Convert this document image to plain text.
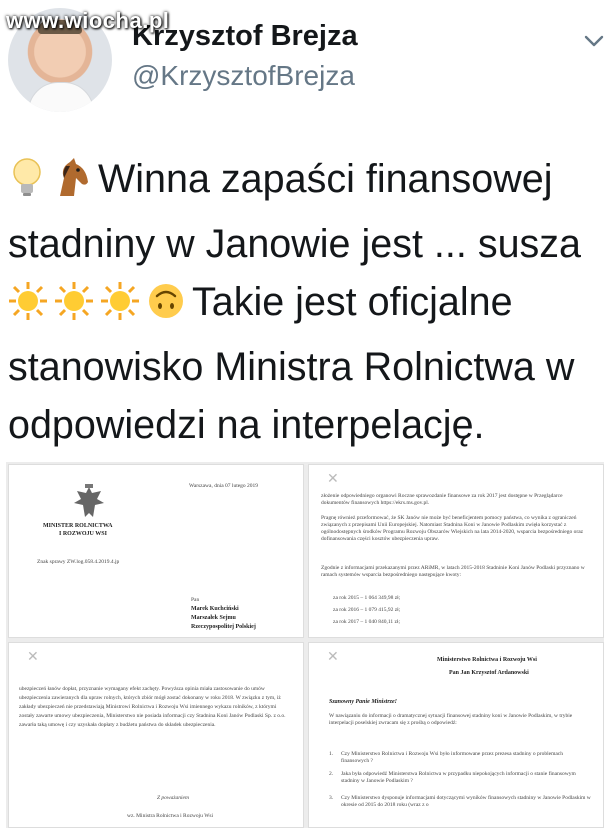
www.wiocha.pl
Krzysztof Brejza
@KrzysztofBrejza
Winna zapaści finansowej
stadniny w Janowie jest ... susza
Takie jest oficjalne
stanowisko Ministra Rolnictwa w
odpowiedzi na interpelację.
Warszawa, dnia 07 lutego 2019
MINISTER ROLNICTWA
I ROZWOJU WSI
Znak sprawy ZW.log.058.4.2019.4.jp
Pan
Marek Kuchciński
Marszałek Sejmu
Rzeczypospolitej Polskiej
✕
złożenie odpowiedniego organowi Roczne sprawozdanie finansowe za rok 2017 jest dostępne w Przeglądarce dokumentów finansowych https://ekrs.ms.gov.pl.
Pragnę również przeformować, że SK Janów nie może być beneficjentem pomocy państwa, co wynika z ograniczeń związanych z przepisami Unii Europejskiej. Natomiast Stadnina Koni w Janowie Podlaskim zwięła korzystać z ogólnodostępnych środków Programu Rozwoju Obszarów Wiejskich na lata 2014-2020, wsparcia bezpośredniego oraz dofinansowania części kosztów ubezpieczenia upraw.
Zgodnie z informacjami przekazanymi przez ARiMR, w latach 2015-2018 Stadninie Koni Janów Podlaski przyznano w ramach systemów wsparcia bezpośredniego następujące kwoty:
za rok 2015 – 1 064 349,98 zł;
za rok 2016 – 1 079 415,92 zł;
za rok 2017 – 1 040 840,11 zł;
✕
ubezpieczeń łanów dopłat, przyznanie wymagany efekt zachęty. Powyższa opinia miała zastosowanie do umów ubezpieczenia zawieranych dla upraw rolnych, których zbiór mógł zostać dokonany w roku 2018. W związku z tym, iż zakłady ubezpieczeń nie przedstawiają Ministrowi Rolnictwa i Rozwoju Wsi imiennego wykazu rolników, z którymi zostały zawarte umowy ubezpieczenia, Ministerstwo nie posiada informacji czy Stadnina Koni Janów Podlaski Sp. z o.o. zawarła taką umowę i czy uzyskała dopłaty z budżetu państwa do składek ubezpieczenia.
Z poważaniem
wz. Ministra Rolnictwa i Rozwoju Wsi
✕	Ministerstwo Rolnictwa i Rozwoju Wsi
Pan Jan Krzysztof Ardanowski
Szanowny Panie Ministrze!
W nawiązaniu do informacji o dramatycznej sytuacji finansowej stadniny koni w Janowie Podlaskim, w trybie interpelacji poselskiej zwracam się z prośbą o odpowiedź:
1. Czy Ministerstwo Rolnictwa i Rozwoju Wsi było informowane przez prezesa stadniny o problemach finansowych ?
2. Jaka była odpowiedź Ministerstwa Rolnictwa w przypadku niepokojących informacji o stanie finansowym stadniny w Janowie Podlaskim ?
3. Czy Ministerstwo dysponuje informacjami dotyczącymi wyników finansowych stadniny w Janowie Podlaskim w okresie od 2015 do 2018 roku (wraz z o
